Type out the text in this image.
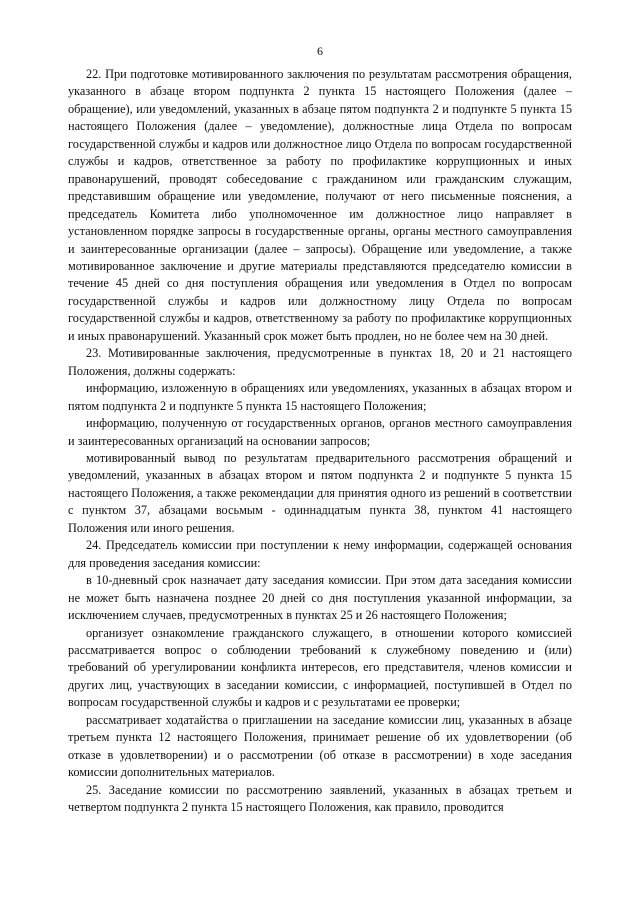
6

22. При подготовке мотивированного заключения по результатам рассмотрения обращения, указанного в абзаце втором подпункта 2 пункта 15 настоящего Положения (далее – обращение), или уведомлений, указанных в абзаце пятом подпункта 2 и подпункте 5 пункта 15 настоящего Положения (далее – уведомление), должностные лица Отдела по вопросам государственной службы и кадров или должностное лицо Отдела по вопросам государственной службы и кадров, ответственное за работу по профилактике коррупционных и иных правонарушений, проводят собеседование с гражданином или гражданским служащим, представившим обращение или уведомление, получают от него письменные пояснения, а председатель Комитета либо уполномоченное им должностное лицо направляет в установленном порядке запросы в государственные органы, органы местного самоуправления и заинтересованные организации (далее – запросы). Обращение или уведомление, а также мотивированное заключение и другие материалы представляются председателю комиссии в течение 45 дней со дня поступления обращения или уведомления в Отдел по вопросам государственной службы и кадров или должностному лицу Отдела по вопросам государственной службы и кадров, ответственному за работу по профилактике коррупционных и иных правонарушений. Указанный срок может быть продлен, но не более чем на 30 дней.

23. Мотивированные заключения, предусмотренные в пунктах 18, 20 и 21 настоящего Положения, должны содержать:

информацию, изложенную в обращениях или уведомлениях, указанных в абзацах втором и пятом подпункта 2 и подпункте 5 пункта 15 настоящего Положения;

информацию, полученную от государственных органов, органов местного самоуправления и заинтересованных организаций на основании запросов;

мотивированный вывод по результатам предварительного рассмотрения обращений и уведомлений, указанных в абзацах втором и пятом подпункта 2 и подпункте 5 пункта 15 настоящего Положения, а также рекомендации для принятия одного из решений в соответствии с пунктом 37, абзацами восьмым - одиннадцатым пункта 38, пунктом 41 настоящего Положения или иного решения.

24. Председатель комиссии при поступлении к нему информации, содержащей основания для проведения заседания комиссии:

в 10-дневный срок назначает дату заседания комиссии. При этом дата заседания комиссии не может быть назначена позднее 20 дней со дня поступления указанной информации, за исключением случаев, предусмотренных в пунктах 25 и 26 настоящего Положения;

организует ознакомление гражданского служащего, в отношении которого комиссией рассматривается вопрос о соблюдении требований к служебному поведению и (или) требований об урегулировании конфликта интересов, его представителя, членов комиссии и других лиц, участвующих в заседании комиссии, с информацией, поступившей в Отдел по вопросам государственной службы и кадров и с результатами ее проверки;

рассматривает ходатайства о приглашении на заседание комиссии лиц, указанных в абзаце третьем пункта 12 настоящего Положения, принимает решение об их удовлетворении (об отказе в удовлетворении) и о рассмотрении (об отказе в рассмотрении) в ходе заседания комиссии дополнительных материалов.

25. Заседание комиссии по рассмотрению заявлений, указанных в абзацах третьем и четвертом подпункта 2 пункта 15 настоящего Положения, как правило, проводится
